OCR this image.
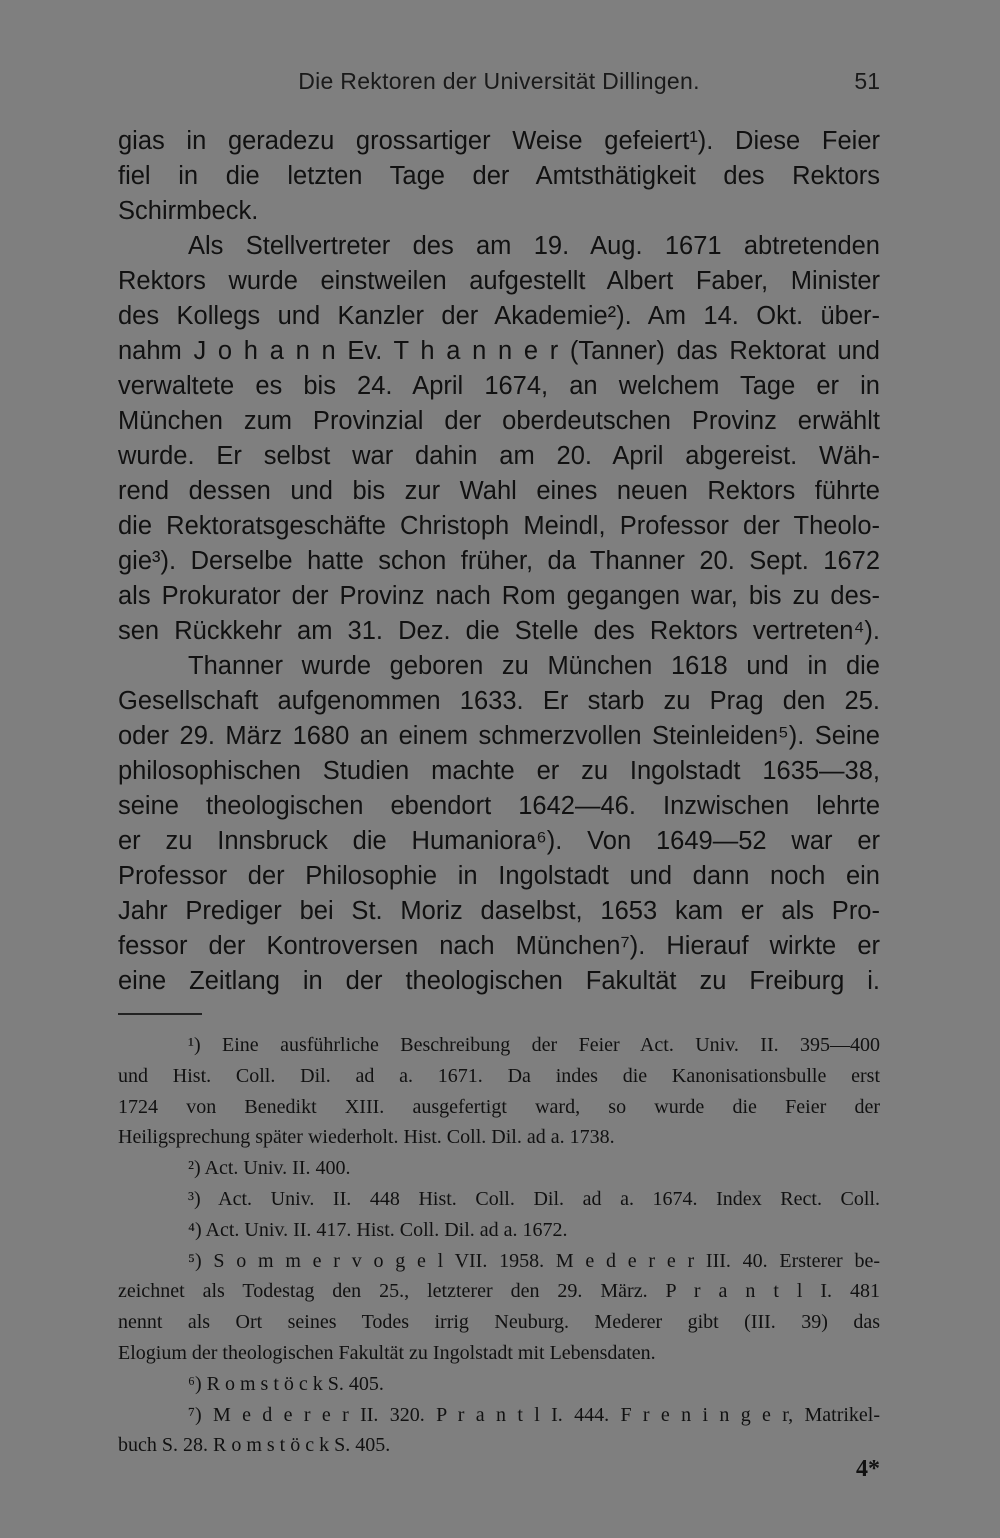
Die Rektoren der Universität Dillingen.	51
gias in geradezu grossartiger Weise gefeiert¹). Diese Feier
fiel in die letzten Tage der Amtsthätigkeit des Rektors
Schirmbeck.
Als Stellvertreter des am 19. Aug. 1671 abtretenden
Rektors wurde einstweilen aufgestellt Albert Faber, Minister
des Kollegs und Kanzler der Akademie²). Am 14. Okt. über-
nahm J o h a n n Ev. T h a n n e r (Tanner) das Rektorat und
verwaltete es bis 24. April 1674, an welchem Tage er in
München zum Provinzial der oberdeutschen Provinz erwählt
wurde. Er selbst war dahin am 20. April abgereist. Wäh-
rend dessen und bis zur Wahl eines neuen Rektors führte
die Rektoratsgeschäfte Christoph Meindl, Professor der Theolo-
gie³). Derselbe hatte schon früher, da Thanner 20. Sept. 1672
als Prokurator der Provinz nach Rom gegangen war, bis zu des-
sen Rückkehr am 31. Dez. die Stelle des Rektors vertreten⁴).
Thanner wurde geboren zu München 1618 und in die
Gesellschaft aufgenommen 1633. Er starb zu Prag den 25.
oder 29. März 1680 an einem schmerzvollen Steinleiden⁵). Seine
philosophischen Studien machte er zu Ingolstadt 1635—38,
seine theologischen ebendort 1642—46. Inzwischen lehrte
er zu Innsbruck die Humaniora⁶). Von 1649—52 war er
Professor der Philosophie in Ingolstadt und dann noch ein
Jahr Prediger bei St. Moriz daselbst, 1653 kam er als Pro-
fessor der Kontroversen nach München⁷). Hierauf wirkte er
eine Zeitlang in der theologischen Fakultät zu Freiburg i.
¹) Eine ausführliche Beschreibung der Feier Act. Univ. II. 395—400
und Hist. Coll. Dil. ad a. 1671. Da indes die Kanonisationsbulle erst
1724 von Benedikt XIII. ausgefertigt ward, so wurde die Feier der
Heiligsprechung später wiederholt. Hist. Coll. Dil. ad a. 1738.
²) Act. Univ. II. 400.
³) Act. Univ. II. 448 Hist. Coll. Dil. ad a. 1674. Index Rect. Coll.
⁴) Act. Univ. II. 417. Hist. Coll. Dil. ad a. 1672.
⁵) S o m m e r v o g e l VII. 1958. M e d e r e r III. 40. Ersterer be-
zeichnet als Todestag den 25., letzterer den 29. März. P r a n t l I. 481
nennt als Ort seines Todes irrig Neuburg. Mederer gibt (III. 39) das
Elogium der theologischen Fakultät zu Ingolstadt mit Lebensdaten.
⁶) R o m s t ö c k S. 405.
⁷) M e d e r e r II. 320. P r a n t l I. 444. F r e n i n g e r, Matrikel-
buch S. 28. R o m s t ö c k S. 405.
4*
